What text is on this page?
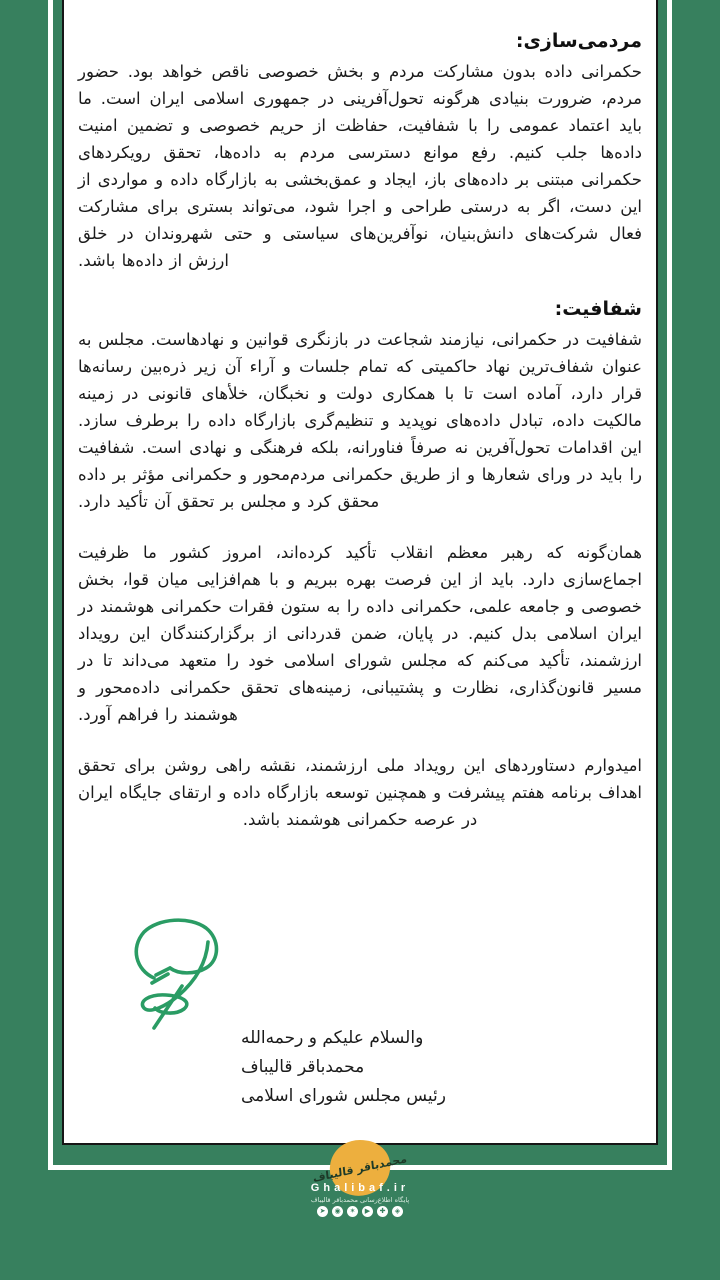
مردمی‌سازی:

حکمرانی داده بدون مشارکت مردم و بخش خصوصی ناقص خواهد بود. حضور مردم، ضرورت بنیادی هرگونه تحول‌آفرینی در جمهوری اسلامی ایران است. ما باید اعتماد عمومی را با شفافیت، حفاظت از حریم خصوصی و تضمین امنیت داده‌ها جلب کنیم. رفع موانع دسترسی مردم به داده‌ها، تحقق رویکردهای حکمرانی مبتنی بر داده‌های باز، ایجاد و عمق‌بخشی به بازارگاه داده و مواردی از این دست، اگر به درستی طراحی و اجرا شود، می‌تواند بستری برای مشارکت فعال شرکت‌های دانش‌بنیان، نوآفرین‌های سیاستی و حتی شهروندان در خلق ارزش از داده‌ها باشد.

شفافیت:

شفافیت در حکمرانی، نیازمند شجاعت در بازنگری قوانین و نهادهاست. مجلس به عنوان شفاف‌ترین نهاد حاکمیتی که تمام جلسات و آراء آن زیر ذره‌بین رسانه‌ها قرار دارد، آماده است تا با همکاری دولت و نخبگان، خلأهای قانونی در زمینه مالکیت داده، تبادل داده‌های نوپدید و تنظیم‌گری بازارگاه داده را برطرف سازد. این اقدامات تحول‌آفرین نه صرفاً فناورانه، بلکه فرهنگی و نهادی است. شفافیت را باید در ورای شعارها و از طریق حکمرانی مردم‌محور و حکمرانی مؤثر بر داده محقق کرد و مجلس بر تحقق آن تأکید دارد.

همان‌گونه که رهبر معظم انقلاب تأکید کرده‌اند، امروز کشور ما ظرفیت اجماع‌سازی دارد. باید از این فرصت بهره ببریم و با هم‌افزایی میان قوا، بخش خصوصی و جامعه علمی، حکمرانی داده را به ستون فقرات حکمرانی هوشمند در ایران اسلامی بدل کنیم. در پایان، ضمن قدردانی از برگزارکنندگان این رویداد ارزشمند، تأکید می‌کنم که مجلس شورای اسلامی خود را متعهد می‌داند تا در مسیر قانون‌گذاری، نظارت و پشتیبانی، زمینه‌های تحقق حکمرانی داده‌محور و هوشمند را فراهم آورد.

امیدوارم دستاوردهای این رویداد ملی ارزشمند، نقشه راهی روشن برای تحقق اهداف برنامه هفتم پیشرفت و همچنین توسعه بازارگاه داده و ارتقای جایگاه ایران در عرصه حکمرانی هوشمند باشد.

والسلام علیکم و رحمه‌الله
محمدباقر قالیباف
رئیس مجلس شورای اسلامی
محمدباقر قالیباف
Ghalibaf.ir
پایگاه اطلاع‌رسانی محمدباقر قالیباف
➤	◉	✶	▶	✚	◈
